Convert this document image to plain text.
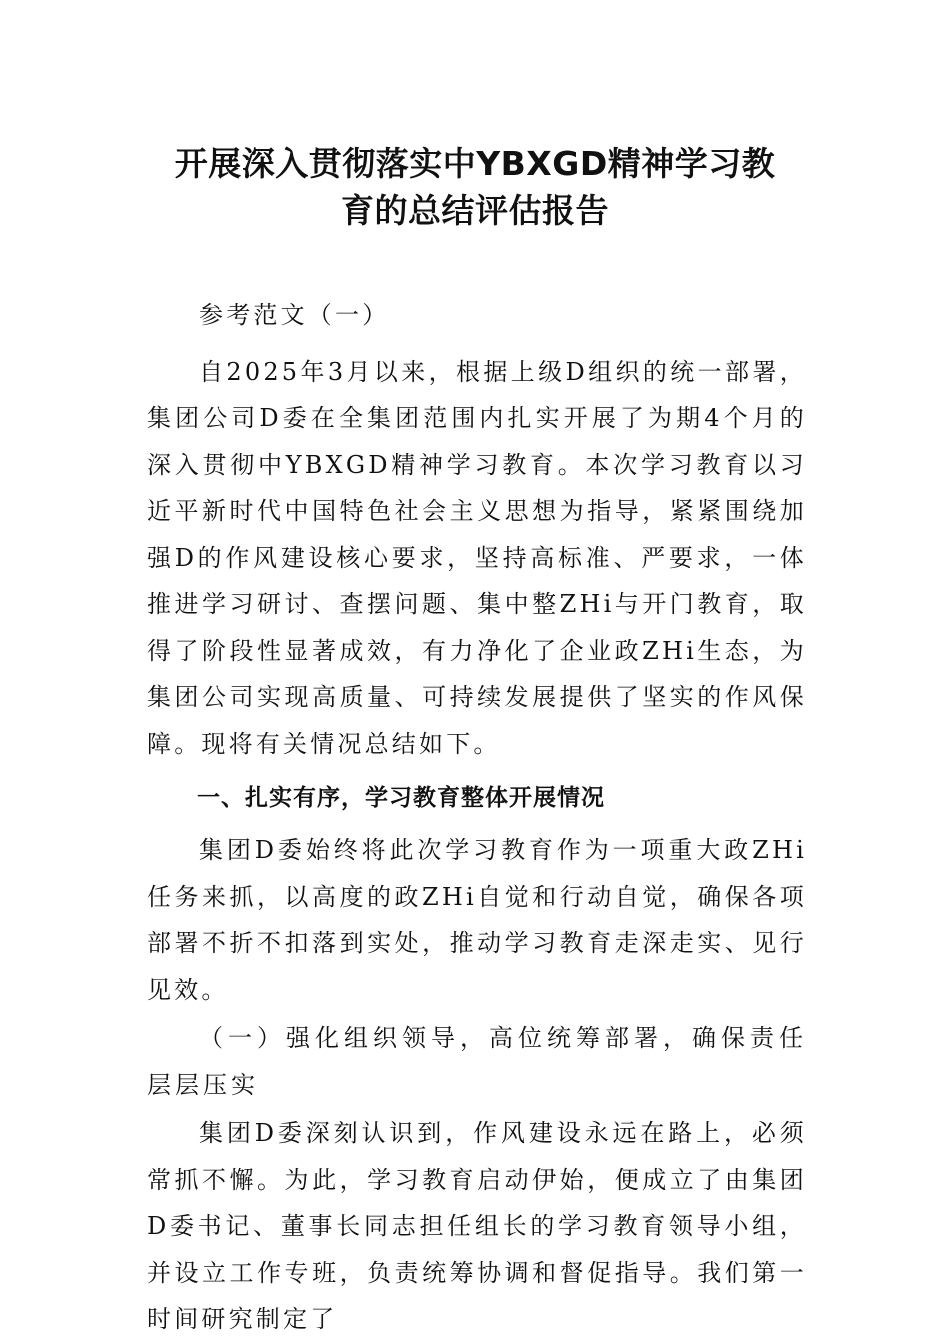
开展深入贯彻落实中YBXGD精神学习教
育的总结评估报告

参考范文（一）

自2025年3月以来，根据上级D组织的统一部署，集团公司D委在全集团范围内扎实开展了为期4个月的深入贯彻中YBXGD精神学习教育。本次学习教育以习近平新时代中国特色社会主义思想为指导，紧紧围绕加强D的作风建设核心要求，坚持高标准、严要求，一体推进学习研讨、查摆问题、集中整ZHi与开门教育，取得了阶段性显著成效，有力净化了企业政ZHi生态，为集团公司实现高质量、可持续发展提供了坚实的作风保障。现将有关情况总结如下。

一、扎实有序，学习教育整体开展情况

集团D委始终将此次学习教育作为一项重大政ZHi任务来抓，以高度的政ZHi自觉和行动自觉，确保各项部署不折不扣落到实处，推动学习教育走深走实、见行见效。

（一）强化组织领导，高位统筹部署，确保责任层层压实

集团D委深刻认识到，作风建设永远在路上，必须常抓不懈。为此，学习教育启动伊始，便成立了由集团D委书记、董事长同志担任组长的学习教育领导小组，并设立工作专班，负责统筹协调和督促指导。我们第一时间研究制定了
